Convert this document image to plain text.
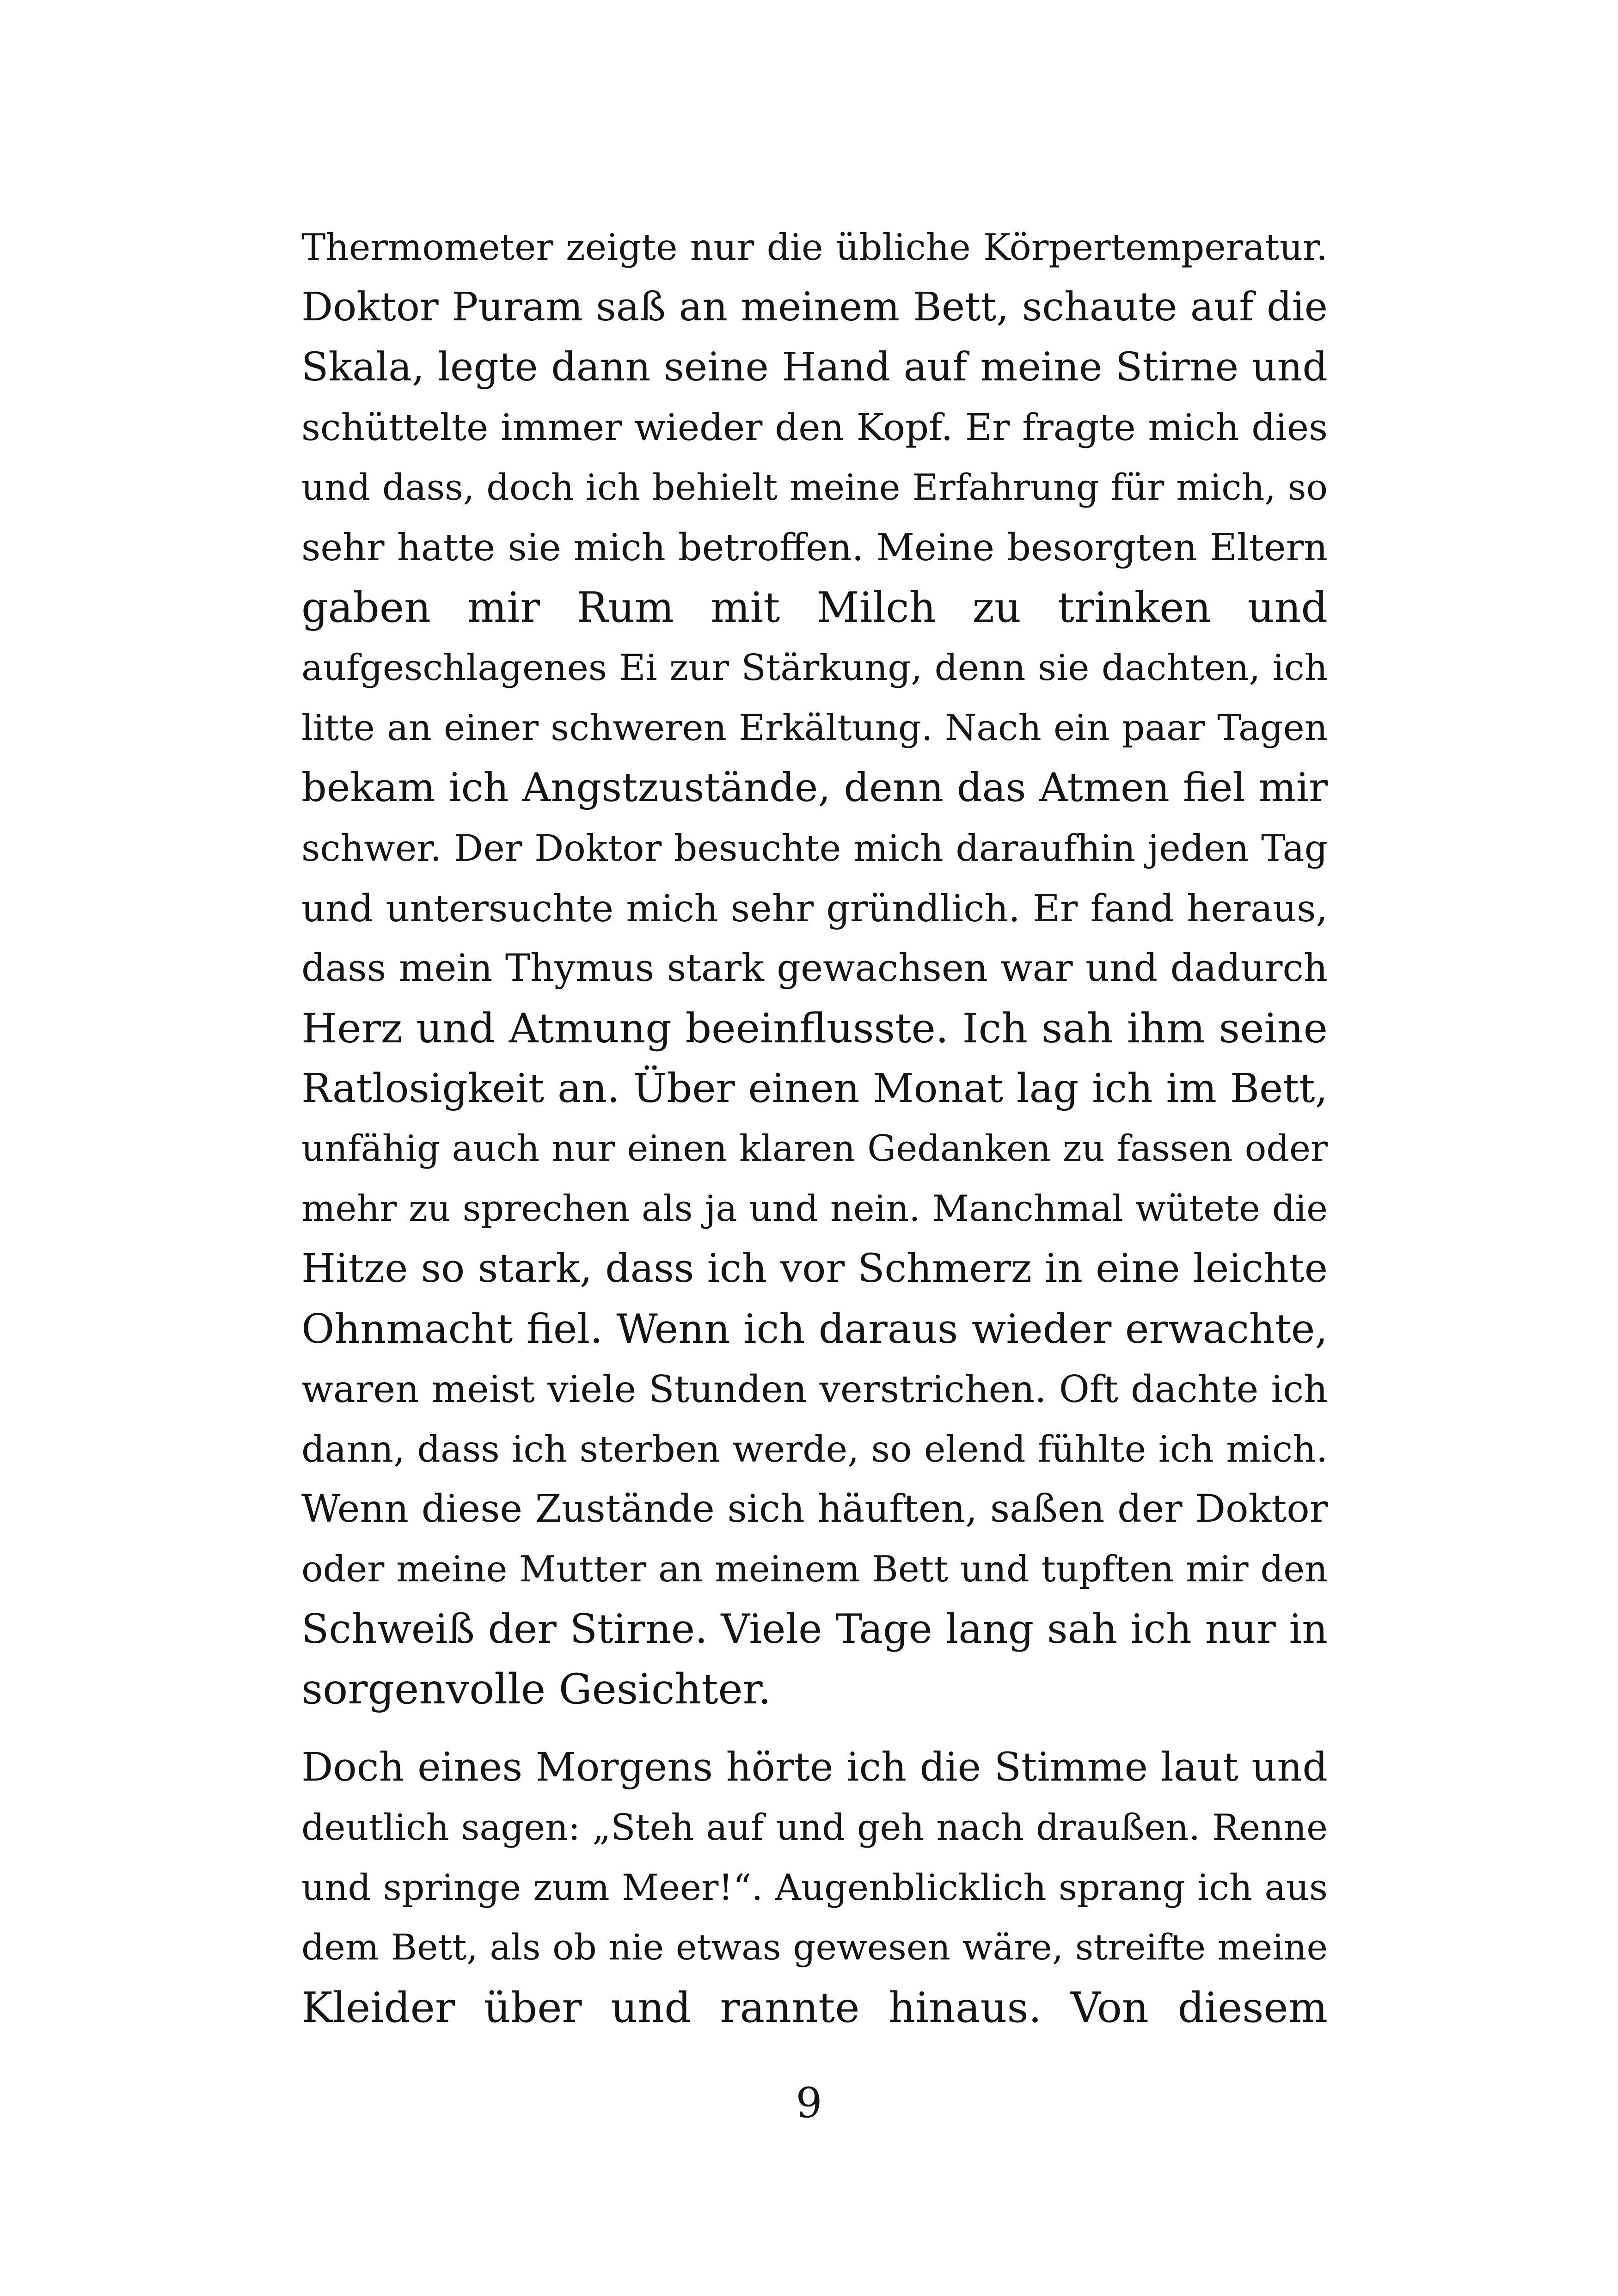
Thermometer zeigte nur die übliche Körpertemperatur.
Doktor Puram saß an meinem Bett, schaute auf die
Skala, legte dann seine Hand auf meine Stirne und
schüttelte immer wieder den Kopf. Er fragte mich dies
und dass, doch ich behielt meine Erfahrung für mich, so
sehr hatte sie mich betroffen. Meine besorgten Eltern
gaben mir Rum mit Milch zu trinken und
aufgeschlagenes Ei zur Stärkung, denn sie dachten, ich
litte an einer schweren Erkältung. Nach ein paar Tagen
bekam ich Angstzustände, denn das Atmen fiel mir
schwer. Der Doktor besuchte mich daraufhin jeden Tag
und untersuchte mich sehr gründlich. Er fand heraus,
dass mein Thymus stark gewachsen war und dadurch
Herz und Atmung beeinflusste. Ich sah ihm seine
Ratlosigkeit an. Über einen Monat lag ich im Bett,
unfähig auch nur einen klaren Gedanken zu fassen oder
mehr zu sprechen als ja und nein. Manchmal wütete die
Hitze so stark, dass ich vor Schmerz in eine leichte
Ohnmacht fiel. Wenn ich daraus wieder erwachte,
waren meist viele Stunden verstrichen. Oft dachte ich
dann, dass ich sterben werde, so elend fühlte ich mich.
Wenn diese Zustände sich häuften, saßen der Doktor
oder meine Mutter an meinem Bett und tupften mir den
Schweiß der Stirne. Viele Tage lang sah ich nur in
sorgenvolle Gesichter.
Doch eines Morgens hörte ich die Stimme laut und
deutlich sagen: „Steh auf und geh nach draußen. Renne
und springe zum Meer!“. Augenblicklich sprang ich aus
dem Bett, als ob nie etwas gewesen wäre, streifte meine
Kleider über und rannte hinaus. Von diesem
9
